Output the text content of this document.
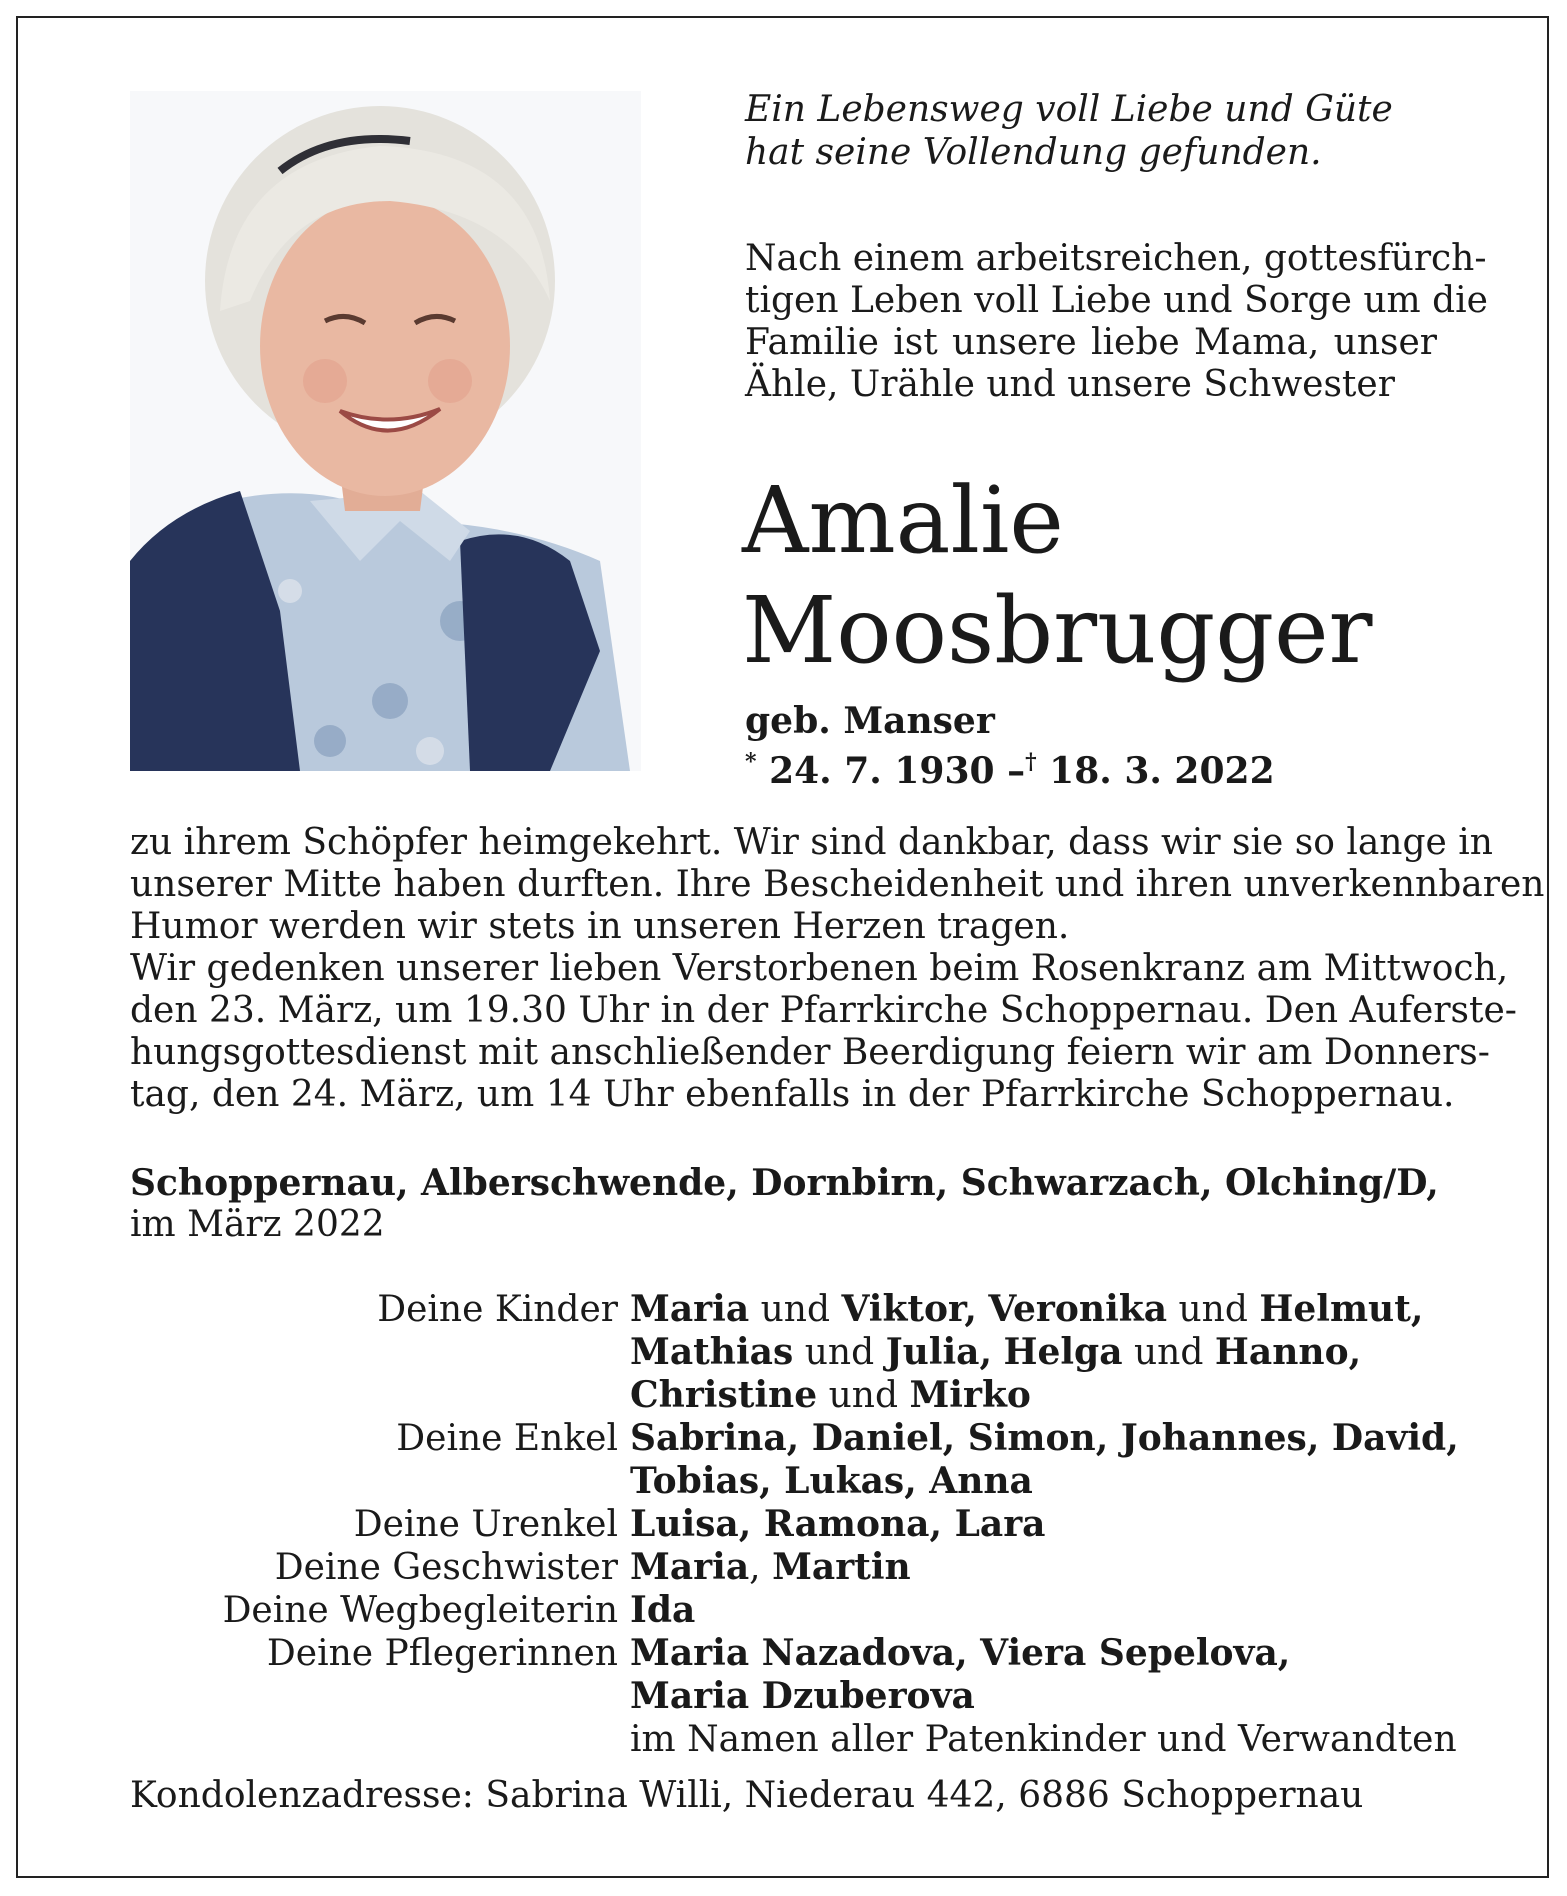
Ein Lebensweg voll Liebe und Güte
hat seine Vollendung gefunden.
Nach einem arbeitsreichen, gottesfürch-
tigen Leben voll Liebe und Sorge um die
Familie ist unsere liebe Mama, unser
Ähle, Urähle und unsere Schwester
Amalie
Moosbrugger
geb. Manser
* 24. 7. 1930 –† 18. 3. 2022
zu ihrem Schöpfer heimgekehrt. Wir sind dankbar, dass wir sie so lange in
unserer Mitte haben durften. Ihre Bescheidenheit und ihren unverkennbaren
Humor werden wir stets in unseren Herzen tragen.
Wir gedenken unserer lieben Verstorbenen beim Rosenkranz am Mittwoch,
den 23. März, um 19.30 Uhr in der Pfarrkirche Schoppernau. Den Auferste-
hungsgottesdienst mit anschließender Beerdigung feiern wir am Donners-
tag, den 24. März, um 14 Uhr ebenfalls in der Pfarrkirche Schoppernau.
Schoppernau, Alberschwende, Dornbirn, Schwarzach, Olching/D,
im März 2022
Deine Kinder Maria und Viktor, Veronika und Helmut,
Mathias und Julia, Helga und Hanno,
Christine und Mirko
Deine Enkel Sabrina, Daniel, Simon, Johannes, David,
Tobias, Lukas, Anna
Deine Urenkel Luisa, Ramona, Lara
Deine Geschwister Maria, Martin
Deine Wegbegleiterin Ida
Deine Pflegerinnen Maria Nazadova, Viera Sepelova,
Maria Dzuberova
im Namen aller Patenkinder und Verwandten
Kondolenzadresse: Sabrina Willi, Niederau 442, 6886 Schoppernau
